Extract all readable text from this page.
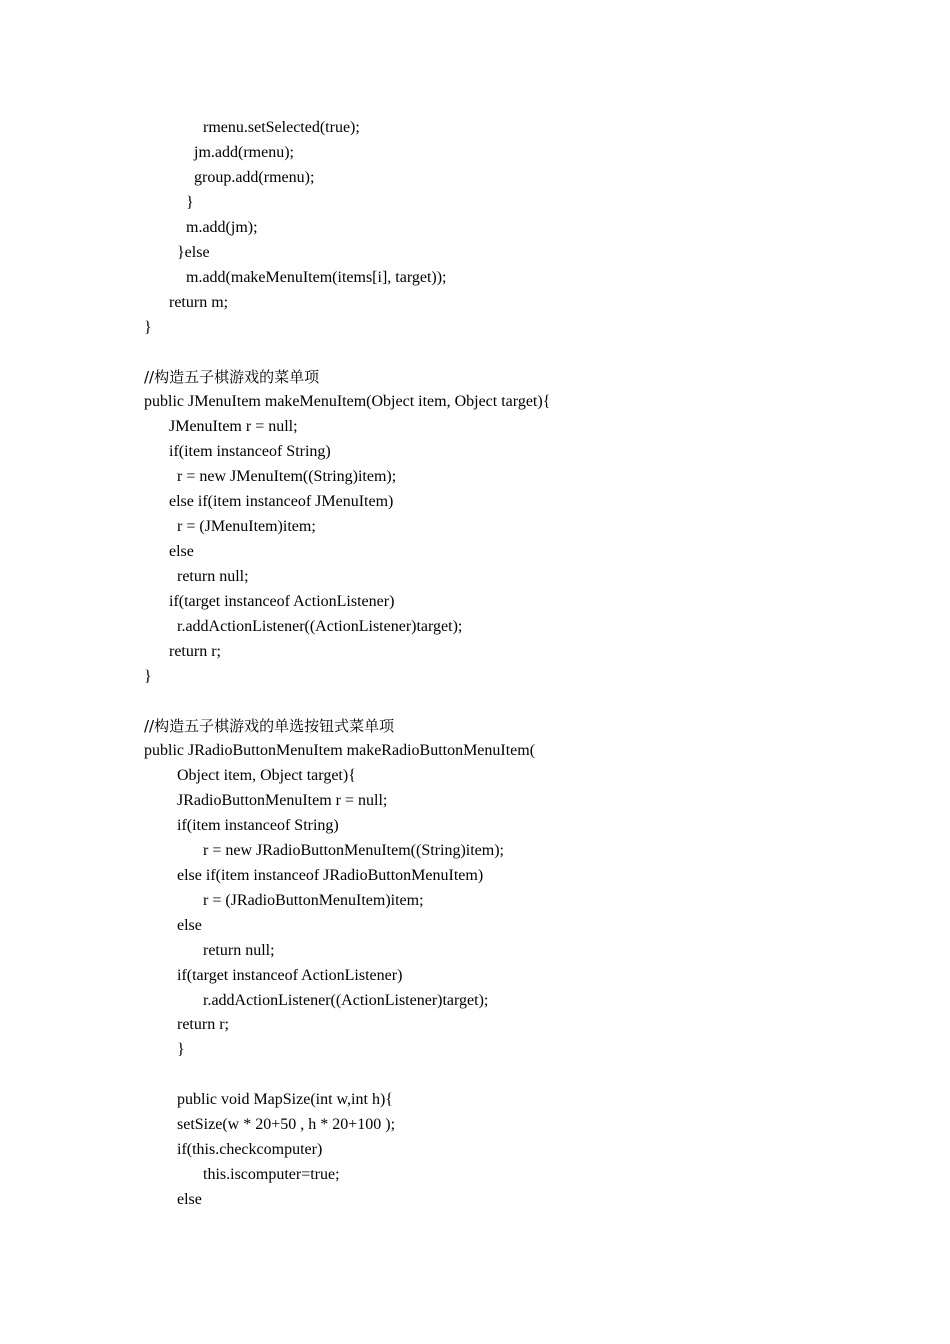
rmenu.setSelected(true);
jm.add(rmenu);
group.add(rmenu);
}
m.add(jm);
}else
m.add(makeMenuItem(items[i], target));
return m;
}
//构造五子棋游戏的菜单项
public JMenuItem makeMenuItem(Object item, Object target){
JMenuItem r = null;
if(item instanceof String)
r = new JMenuItem((String)item);
else if(item instanceof JMenuItem)
r = (JMenuItem)item;
else
return null;
if(target instanceof ActionListener)
r.addActionListener((ActionListener)target);
return r;
}
//构造五子棋游戏的单选按钮式菜单项
public JRadioButtonMenuItem makeRadioButtonMenuItem(
Object item, Object target){
JRadioButtonMenuItem r = null;
if(item instanceof String)
r = new JRadioButtonMenuItem((String)item);
else if(item instanceof JRadioButtonMenuItem)
r = (JRadioButtonMenuItem)item;
else
return null;
if(target instanceof ActionListener)
r.addActionListener((ActionListener)target);
return r;
}
public void MapSize(int w,int h){
setSize(w * 20+50 , h * 20+100 );
if(this.checkcomputer)
this.iscomputer=true;
else
